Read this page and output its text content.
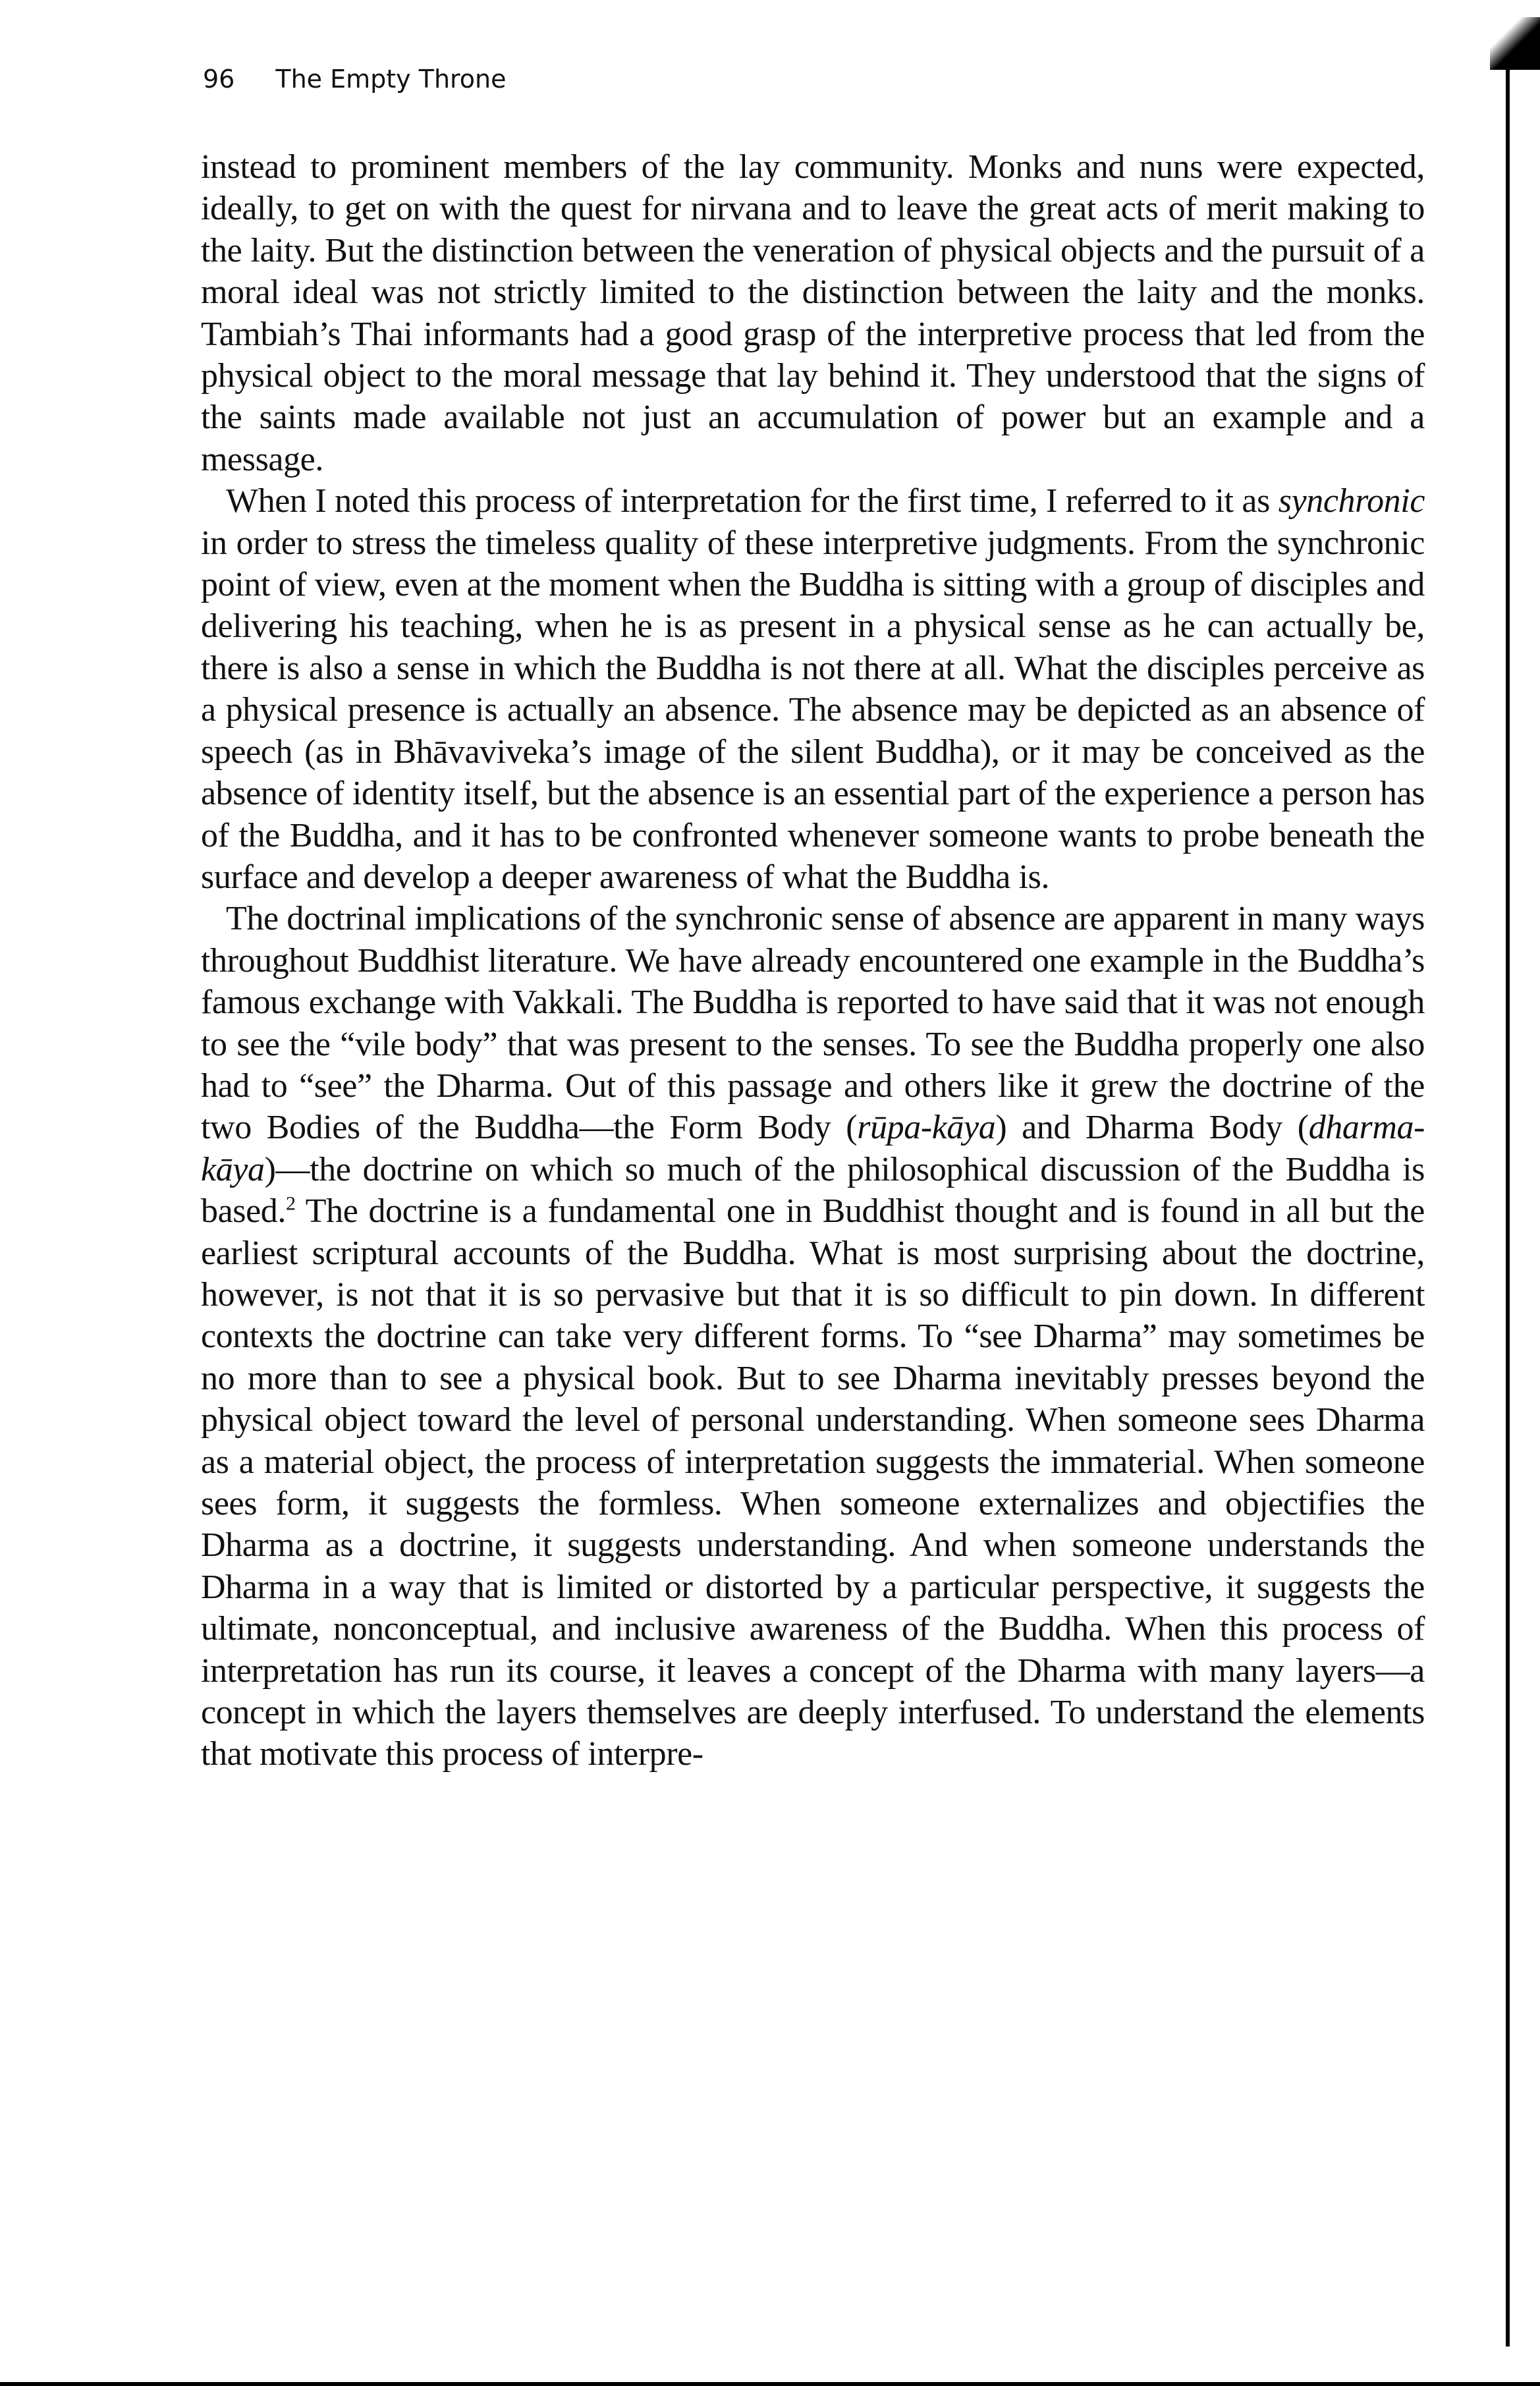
96 The Empty Throne

instead to prominent members of the lay community. Monks and nuns were expected, ideally, to get on with the quest for nirvana and to leave the great acts of merit making to the laity. But the distinction between the veneration of physical objects and the pursuit of a moral ideal was not strictly limited to the distinction between the laity and the monks. Tambiah’s Thai informants had a good grasp of the interpretive process that led from the physical object to the moral message that lay behind it. They understood that the signs of the saints made available not just an accumulation of power but an example and a message.

When I noted this process of interpretation for the first time, I referred to it as synchronic in order to stress the timeless quality of these interpretive judgments. From the synchronic point of view, even at the moment when the Buddha is sitting with a group of disciples and delivering his teaching, when he is as present in a physical sense as he can actually be, there is also a sense in which the Buddha is not there at all. What the disciples perceive as a physical presence is actually an absence. The absence may be depicted as an absence of speech (as in Bhāvaviveka’s image of the silent Buddha), or it may be conceived as the absence of identity itself, but the absence is an essential part of the experience a person has of the Buddha, and it has to be confronted whenever someone wants to probe beneath the surface and develop a deeper awareness of what the Buddha is.

The doctrinal implications of the synchronic sense of absence are apparent in many ways throughout Buddhist literature. We have already encountered one example in the Buddha’s famous exchange with Vakkali. The Buddha is reported to have said that it was not enough to see the “vile body” that was present to the senses. To see the Buddha properly one also had to “see” the Dharma. Out of this passage and others like it grew the doctrine of the two Bodies of the Buddha—the Form Body (rūpa-kāya) and Dharma Body (dharma-kāya)—the doctrine on which so much of the philosophical discussion of the Buddha is based.$^2$ The doctrine is a fundamental one in Buddhist thought and is found in all but the earliest scriptural accounts of the Buddha. What is most surprising about the doctrine, however, is not that it is so pervasive but that it is so difficult to pin down. In different contexts the doctrine can take very different forms. To “see Dharma” may sometimes be no more than to see a physical book. But to see Dharma inevitably presses beyond the physical object toward the level of personal understanding. When someone sees Dharma as a material object, the process of interpretation suggests the immaterial. When someone sees form, it suggests the formless. When someone externalizes and objectifies the Dharma as a doctrine, it suggests understanding. And when someone understands the Dharma in a way that is limited or distorted by a particular perspective, it suggests the ultimate, nonconceptual, and inclusive awareness of the Buddha. When this process of interpretation has run its course, it leaves a concept of the Dharma with many layers—a concept in which the layers themselves are deeply interfused. To understand the elements that motivate this process of interpre-
